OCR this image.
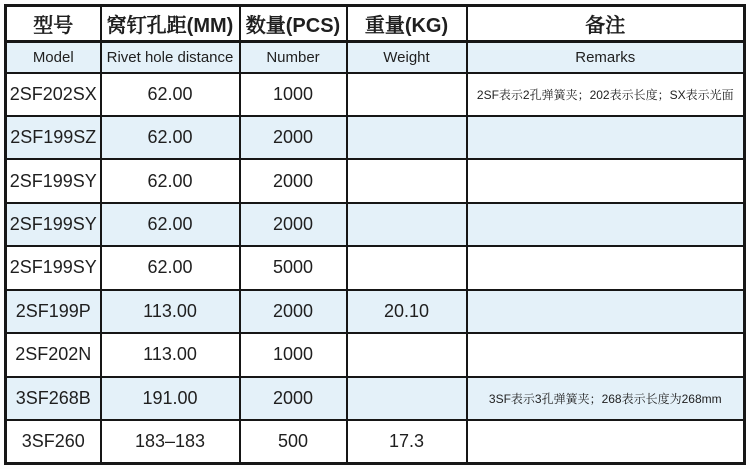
型号	窝钉孔距(MM)	数量(PCS)	重量(KG)	备注
Model	Rivet hole distance	Number	Weight	Remarks
2SF202SX	62.00	1000		2SF表示2孔弹簧夹；202表示长度；SX表示光面
2SF199SZ	62.00	2000		
2SF199SY	62.00	2000		
2SF199SY	62.00	2000		
2SF199SY	62.00	5000		
2SF199P	113.00	2000	20.10	
2SF202N	113.00	1000		
3SF268B	191.00	2000		3SF表示3孔弹簧夹；268表示长度为268mm
3SF260	183–183	500	17.3	
